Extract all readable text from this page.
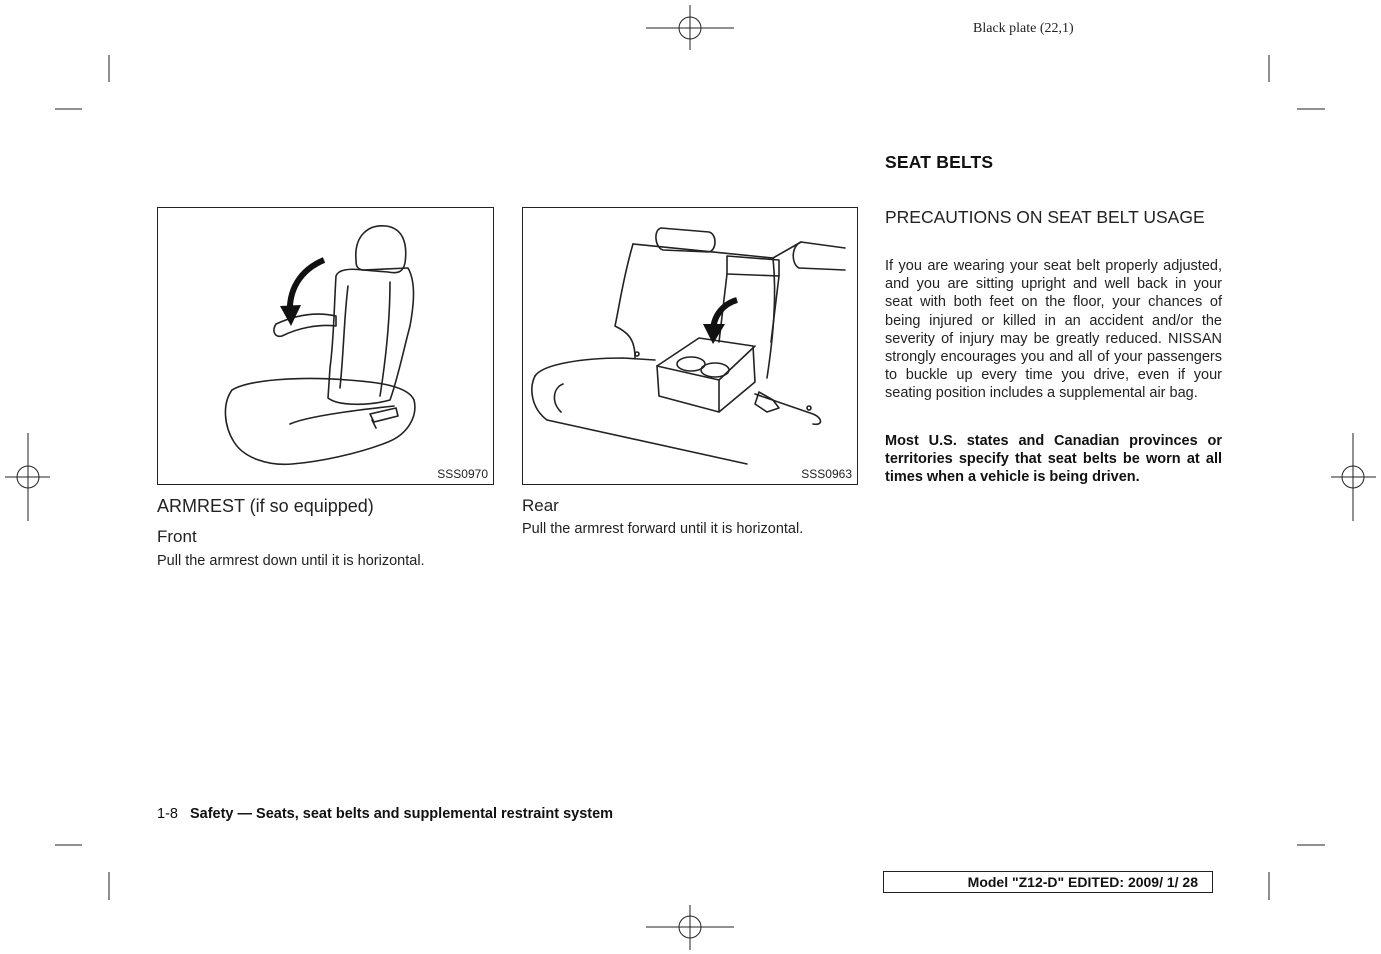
Black plate (22,1)
SSS0970	SSS0963
ARMREST (if so equipped)
Front
Pull the armrest down until it is horizontal.
Rear
Pull the armrest forward until it is horizontal.
SEAT BELTS
PRECAUTIONS ON SEAT BELT USAGE
If you are wearing your seat belt properly adjusted, and you are sitting upright and well back in your seat with both feet on the floor, your chances of being injured or killed in an accident and/or the severity of injury may be greatly reduced. NISSAN strongly encourages you and all of your passengers to buckle up every time you drive, even if your seating position includes a supplemental air bag.
Most U.S. states and Canadian provinces or territories specify that seat belts be worn at all times when a vehicle is being driven.
1-8 Safety — Seats, seat belts and supplemental restraint system
Model "Z12-D" EDITED: 2009/ 1/ 28
